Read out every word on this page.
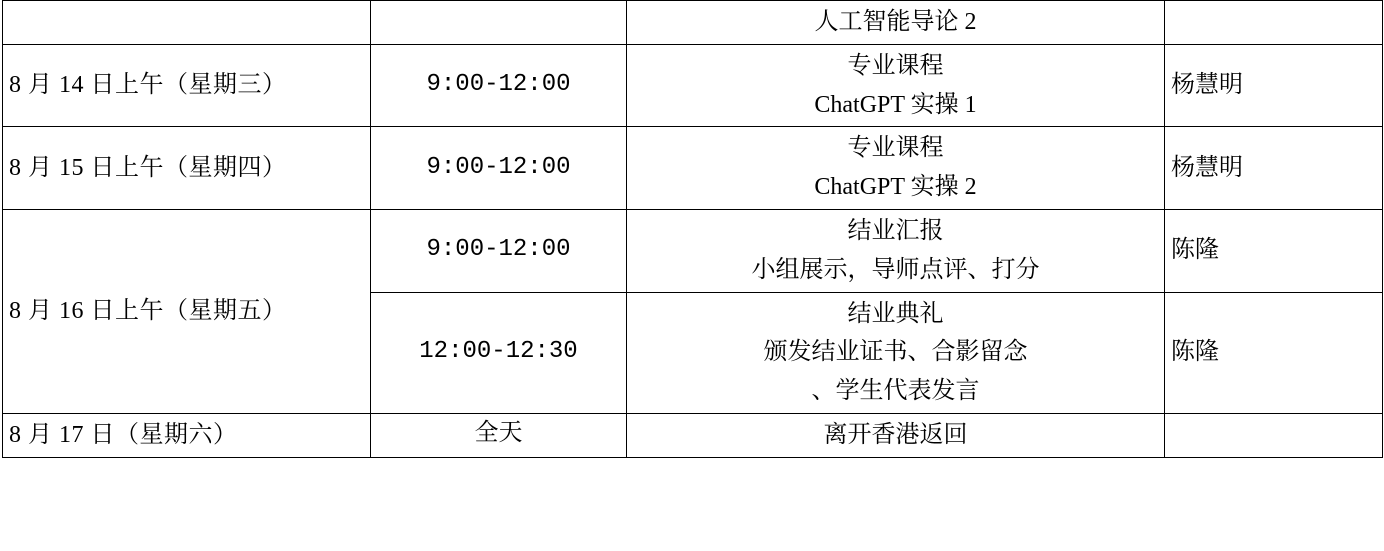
		人工智能导论 2	

8 月 14 日上午（星期三）	9:00-12:00	专业课程
ChatGPT 实操 1	杨慧明
8 月 15 日上午（星期四）	9:00-12:00	专业课程
ChatGPT 实操 2	杨慧明
8 月 16 日上午（星期五）	9:00-12:00	结业汇报
小组展示，导师点评、打分	陈隆
	12:00-12:30	结业典礼
颁发结业证书、合影留念
、学生代表发言	陈隆
8 月 17 日（星期六）	全天	离开香港返回	
